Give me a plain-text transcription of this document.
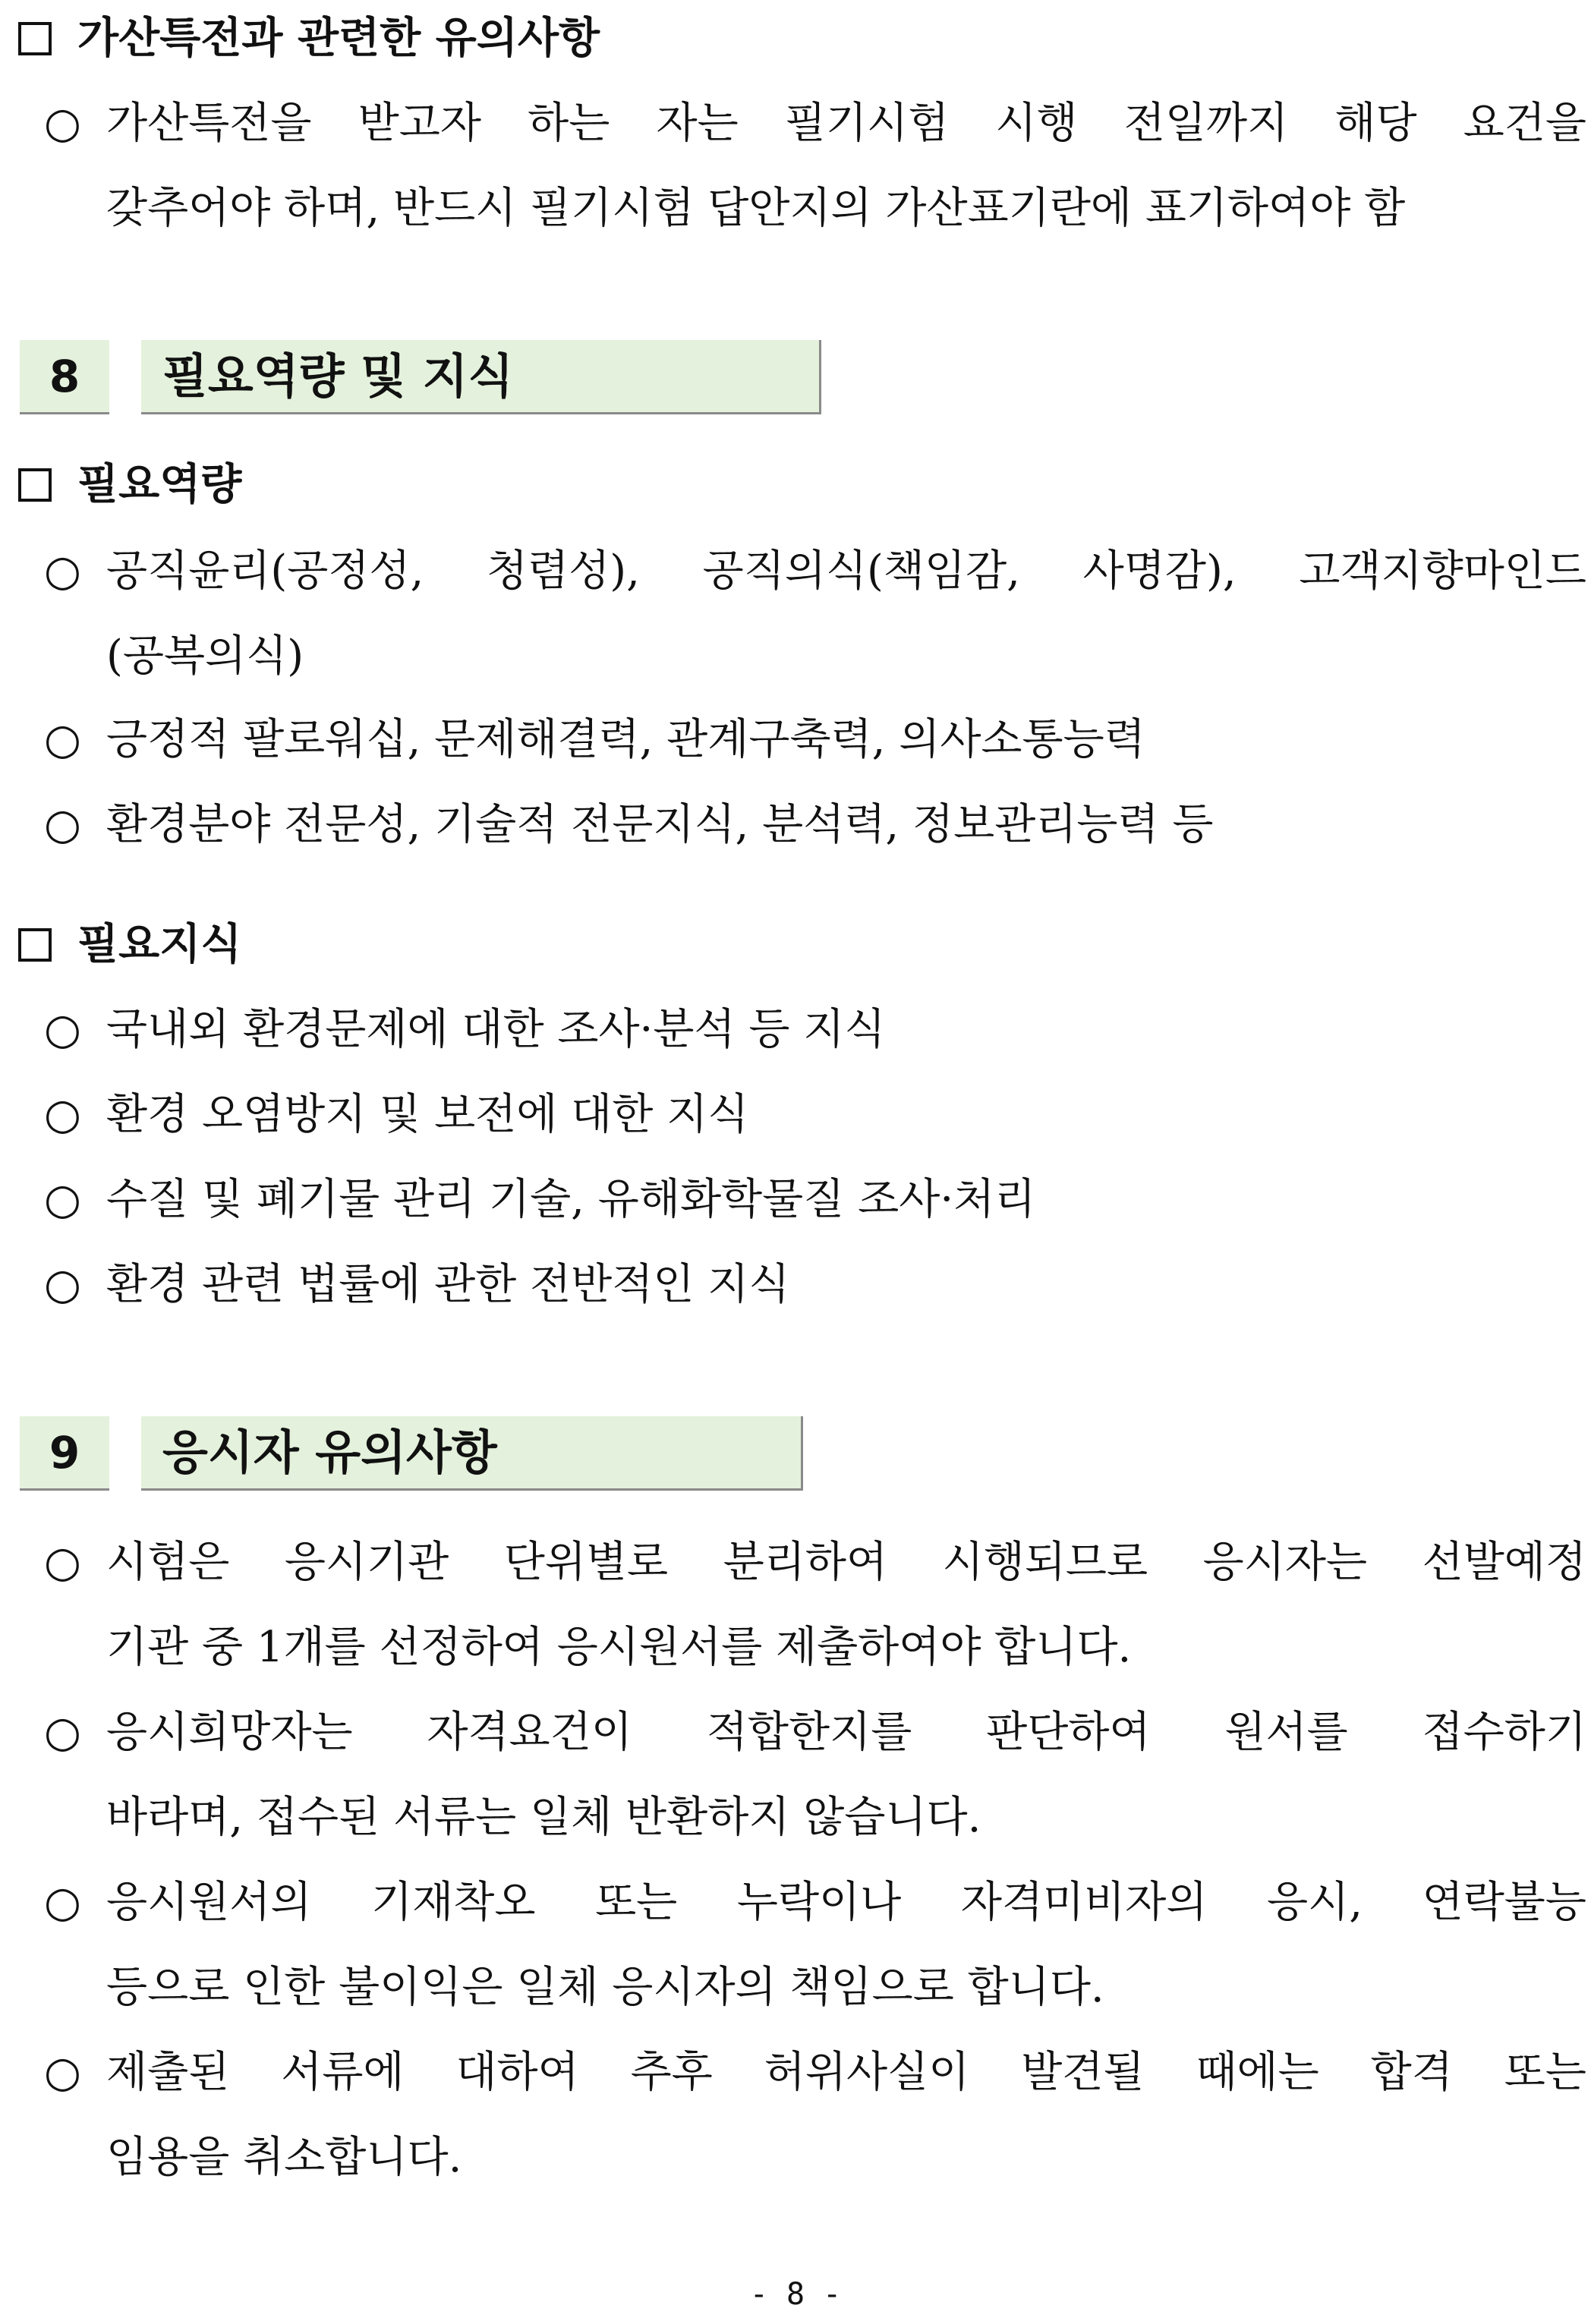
가산특전과 관련한 유의사항
○ 가산특전을 받고자 하는 자는 필기시험 시행 전일까지 해당 요건을
갖추어야 하며, 반드시 필기시험 답안지의 가산표기란에 표기하여야 함
8	필요역량 및 지식
필요역량
○ 공직윤리(공정성, 청렴성), 공직의식(책임감, 사명감), 고객지향마인드
(공복의식)
○ 긍정적 팔로워십, 문제해결력, 관계구축력, 의사소통능력
○ 환경분야 전문성, 기술적 전문지식, 분석력, 정보관리능력 등
필요지식
○ 국내외 환경문제에 대한 조사·분석 등 지식
○ 환경 오염방지 및 보전에 대한 지식
○ 수질 및 폐기물 관리 기술, 유해화학물질 조사·처리
○ 환경 관련 법률에 관한 전반적인 지식
9	응시자 유의사항
○ 시험은 응시기관 단위별로 분리하여 시행되므로 응시자는 선발예정
기관 중 1개를 선정하여 응시원서를 제출하여야 합니다.
○ 응시희망자는 자격요건이 적합한지를 판단하여 원서를 접수하기
바라며, 접수된 서류는 일체 반환하지 않습니다.
○ 응시원서의 기재착오 또는 누락이나 자격미비자의 응시, 연락불능
등으로 인한 불이익은 일체 응시자의 책임으로 합니다.
○ 제출된 서류에 대하여 추후 허위사실이 발견될 때에는 합격 또는
임용을 취소합니다.
- 8 -
